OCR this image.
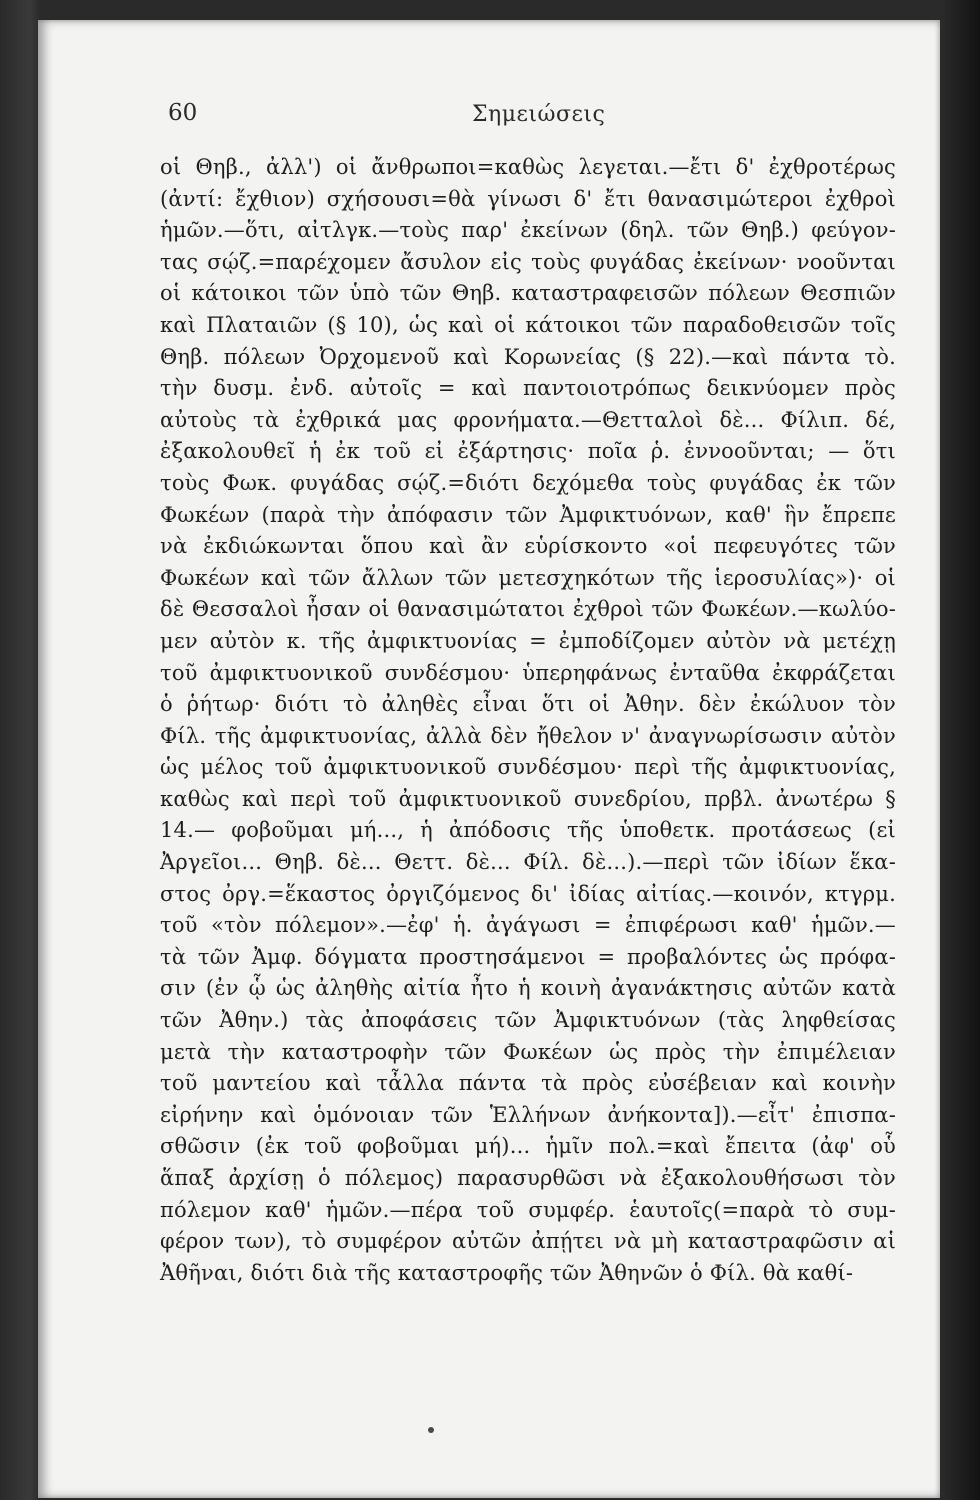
60	Σημειώσεις
οἱ Θηβ., ἀλλ') οἱ ἄνθρωποι=καθὼς λεγεται.—ἔτι δ' ἐχθροτέρως
(ἀντί: ἔχθιον) σχήσουσι=θὰ γίνωσι δ' ἔτι θανασιμώτεροι ἐχθροὶ
ἡμῶν.—ὅτι, αἰτλγκ.—τοὺς παρ' ἐκείνων (δηλ. τῶν Θηβ.) φεύγον-
τας σῴζ.=παρέχομεν ἄσυλον εἰς τοὺς φυγάδας ἐκείνων· νοοῦνται
οἱ κάτοικοι τῶν ὑπὸ τῶν Θηβ. καταστραφεισῶν πόλεων Θεσπιῶν
καὶ Πλαταιῶν (§ 10), ὡς καὶ οἱ κάτοικοι τῶν παραδοθεισῶν τοῖς
Θηβ. πόλεων Ὀρχομενοῦ καὶ Κορωνείας (§ 22).—καὶ πάντα τὸ.
τὴν δυσμ. ἐνδ. αὐτοῖς = καὶ παντοιοτρόπως δεικνύομεν πρὸς
αὐτοὺς τὰ ἐχθρικά μας φρονήματα.—Θετταλοὶ δὲ... Φίλιπ. δέ,
ἐξακολουθεῖ ἡ ἐκ τοῦ εἰ ἐξάρτησις· ποῖα ῥ. ἐννοοῦνται; — ὅτι
τοὺς Φωκ. φυγάδας σῴζ.=διότι δεχόμεθα τοὺς φυγάδας ἐκ τῶν
Φωκέων (παρὰ τὴν ἀπόφασιν τῶν Ἀμφικτυόνων, καθ' ἣν ἔπρεπε
νὰ ἐκδιώκωνται ὅπου καὶ ἂν εὑρίσκοντο «οἱ πεφευγότες τῶν
Φωκέων καὶ τῶν ἄλλων τῶν μετεσχηκότων τῆς ἱεροσυλίας»)· οἱ
δὲ Θεσσαλοὶ ἦσαν οἱ θανασιμώτατοι ἐχθροὶ τῶν Φωκέων.—κωλύο-
μεν αὐτὸν κ. τῆς ἀμφικτυονίας = ἐμποδίζομεν αὐτὸν νὰ μετέχῃ
τοῦ ἀμφικτυονικοῦ συνδέσμου· ὑπερηφάνως ἐνταῦθα ἐκφράζεται
ὁ ῥήτωρ· διότι τὸ ἀληθὲς εἶναι ὅτι οἱ Ἀθην. δὲν ἐκώλυον τὸν
Φίλ. τῆς ἀμφικτυονίας, ἀλλὰ δὲν ἤθελον ν' ἀναγνωρίσωσιν αὐτὸν
ὡς μέλος τοῦ ἀμφικτυονικοῦ συνδέσμου· περὶ τῆς ἀμφικτυονίας,
καθὼς καὶ περὶ τοῦ ἀμφικτυονικοῦ συνεδρίου, πρβλ. ἀνωτέρω §
14.— φοβοῦμαι μή..., ἡ ἀπόδοσις τῆς ὑποθετκ. προτάσεως (εἰ
Ἀργεῖοι... Θηβ. δὲ... Θεττ. δὲ... Φίλ. δὲ...).—περὶ τῶν ἰδίων ἕκα-
στος ὀργ.=ἕκαστος ὀργιζόμενος δι' ἰδίας αἰτίας.—κοινόν, κτγρμ.
τοῦ «τὸν πόλεμον».—ἐφ' ἡ. ἀγάγωσι = ἐπιφέρωσι καθ' ἡμῶν.—
τὰ τῶν Ἀμφ. δόγματα προστησάμενοι = προβαλόντες ὡς πρόφα-
σιν (ἐν ᾧ ὡς ἀληθὴς αἰτία ἦτο ἡ κοινὴ ἀγανάκτησις αὐτῶν κατὰ
τῶν Ἀθην.) τὰς ἀποφάσεις τῶν Ἀμφικτυόνων (τὰς ληφθείσας
μετὰ τὴν καταστροφὴν τῶν Φωκέων ὡς πρὸς τὴν ἐπιμέλειαν
τοῦ μαντείου καὶ τἆλλα πάντα τὰ πρὸς εὐσέβειαν καὶ κοινὴν
εἰρήνην καὶ ὁμόνοιαν τῶν Ἑλλήνων ἀνήκοντα]).—εἶτ' ἐπισπα-
σθῶσιν (ἐκ τοῦ φοβοῦμαι μή)... ἡμῖν πολ.=καὶ ἔπειτα (ἀφ' οὗ
ἅπαξ ἀρχίσῃ ὁ πόλεμος) παρασυρθῶσι νὰ ἐξακολουθήσωσι τὸν
πόλεμον καθ' ἡμῶν.—πέρα τοῦ συμφέρ. ἑαυτοῖς(=παρὰ τὸ συμ-
φέρον των), τὸ συμφέρον αὐτῶν ἀπῄτει νὰ μὴ καταστραφῶσιν αἱ
Ἀθῆναι, διότι διὰ τῆς καταστροφῆς τῶν Ἀθηνῶν ὁ Φίλ. θὰ καθί-
